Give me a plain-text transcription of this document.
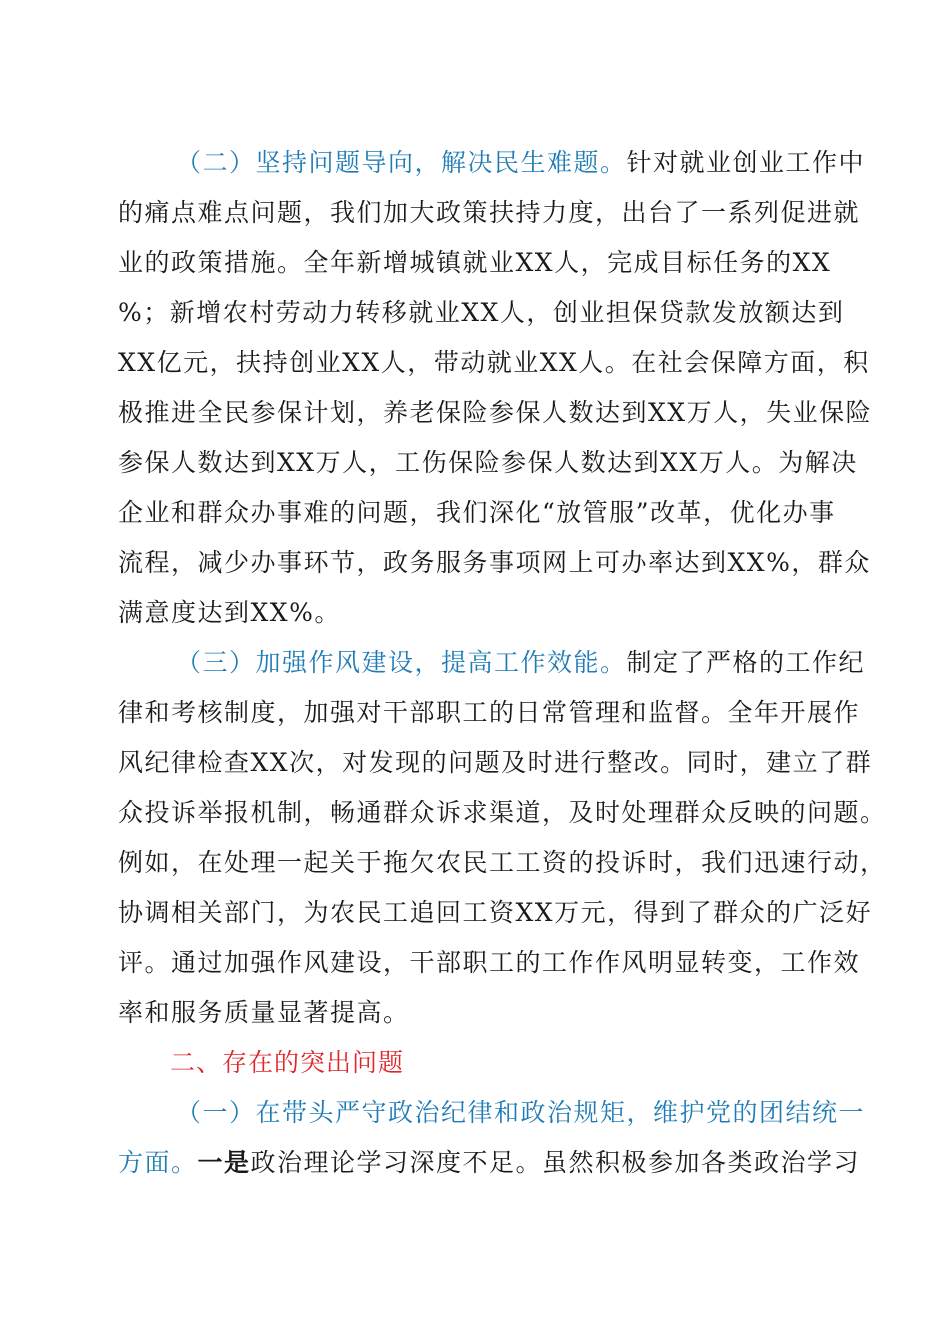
（二）坚持问题导向，解决民生难题。针对就业创业工作中
的痛点难点问题，我们加大政策扶持力度，出台了一系列促进就
业的政策措施。全年新增城镇就业XX人，完成目标任务的XX
%；新增农村劳动力转移就业XX人，创业担保贷款发放额达到
XX亿元，扶持创业XX人，带动就业XX人。在社会保障方面，积
极推进全民参保计划，养老保险参保人数达到XX万人，失业保险
参保人数达到XX万人，工伤保险参保人数达到XX万人。为解决
企业和群众办事难的问题，我们深化“放管服”改革，优化办事
流程，减少办事环节，政务服务事项网上可办率达到XX%，群众
满意度达到XX%。
（三）加强作风建设，提高工作效能。制定了严格的工作纪
律和考核制度，加强对干部职工的日常管理和监督。全年开展作
风纪律检查XX次，对发现的问题及时进行整改。同时，建立了群
众投诉举报机制，畅通群众诉求渠道，及时处理群众反映的问题。
例如，在处理一起关于拖欠农民工工资的投诉时，我们迅速行动，
协调相关部门，为农民工追回工资XX万元，得到了群众的广泛好
评。通过加强作风建设，干部职工的工作作风明显转变，工作效
率和服务质量显著提高。
二、存在的突出问题
（一）在带头严守政治纪律和政治规矩，维护党的团结统一
方面。一是政治理论学习深度不足。虽然积极参加各类政治学习
